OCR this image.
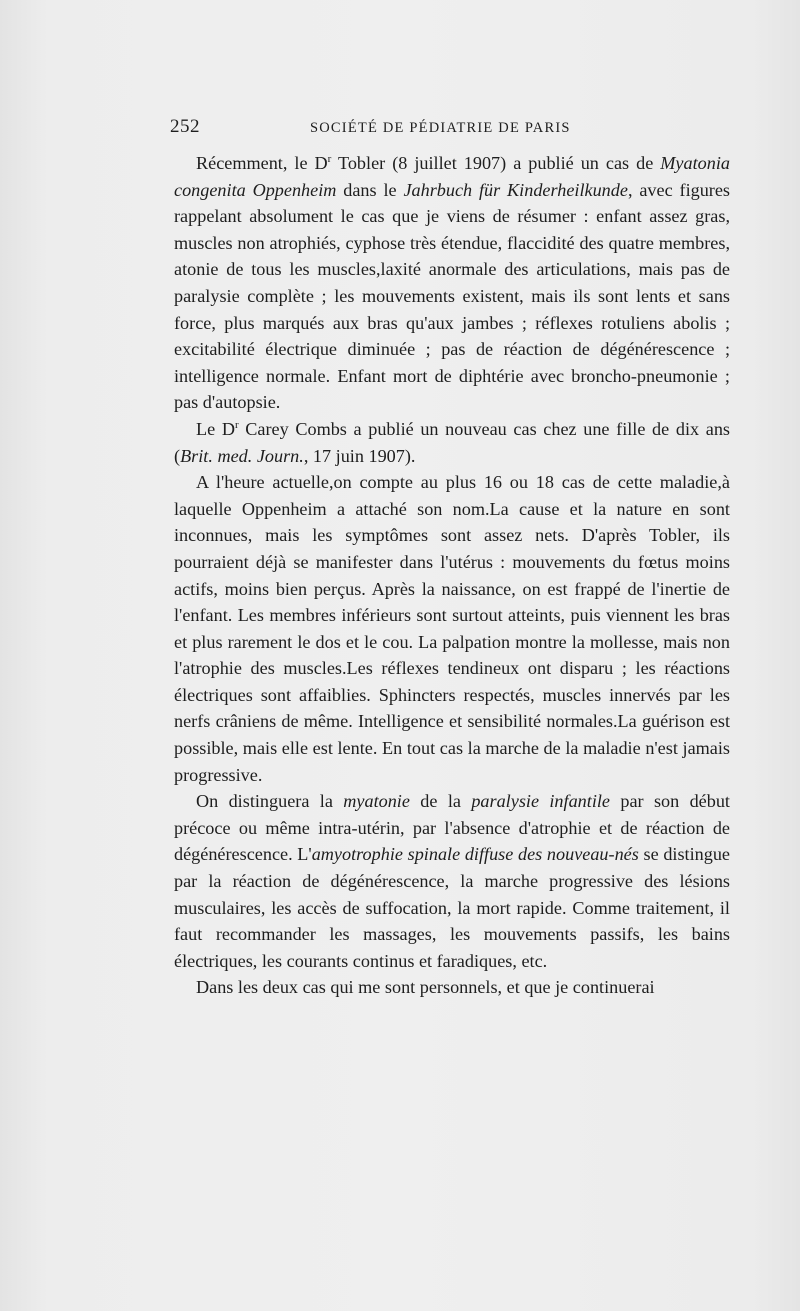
252	SOCIÉTÉ DE PÉDIATRIE DE PARIS

Récemment, le $D^r$ Tobler (8 juillet 1907) a publié un cas de Myatonia congenita Oppenheim dans le Jahrbuch für Kinderheilkunde, avec figures rappelant absolument le cas que je viens de résumer : enfant assez gras, muscles non atrophiés, cyphose très étendue, flaccidité des quatre membres, atonie de tous les muscles,laxité anormale des articulations, mais pas de paralysie complète ; les mouvements existent, mais ils sont lents et sans force, plus marqués aux bras qu'aux jambes ; réflexes rotuliens abolis ; excitabilité électrique diminuée ; pas de réaction de dégénérescence ; intelligence normale. Enfant mort de diphtérie avec broncho-pneumonie ; pas d'autopsie.

Le $D^r$ Carey Combs a publié un nouveau cas chez une fille de dix ans (Brit. med. Journ., 17 juin 1907).

A l'heure actuelle,on compte au plus 16 ou 18 cas de cette maladie,à laquelle Oppenheim a attaché son nom.La cause et la nature en sont inconnues, mais les symptômes sont assez nets. D'après Tobler, ils pourraient déjà se manifester dans l'utérus : mouvements du fœtus moins actifs, moins bien perçus. Après la naissance, on est frappé de l'inertie de l'enfant. Les membres inférieurs sont surtout atteints, puis viennent les bras et plus rarement le dos et le cou. La palpation montre la mollesse, mais non l'atrophie des muscles.Les réflexes tendineux ont disparu ; les réactions électriques sont affaiblies. Sphincters respectés, muscles innervés par les nerfs crâniens de même. Intelligence et sensibilité normales.La guérison est possible, mais elle est lente. En tout cas la marche de la maladie n'est jamais progressive.

On distinguera la myatonie de la paralysie infantile par son début précoce ou même intra-utérin, par l'absence d'atrophie et de réaction de dégénérescence. L'amyotrophie spinale diffuse des nouveau-nés se distingue par la réaction de dégénérescence, la marche progressive des lésions musculaires, les accès de suffocation, la mort rapide. Comme traitement, il faut recommander les massages, les mouvements passifs, les bains électriques, les courants continus et faradiques, etc.

Dans les deux cas qui me sont personnels, et que je continuerai
